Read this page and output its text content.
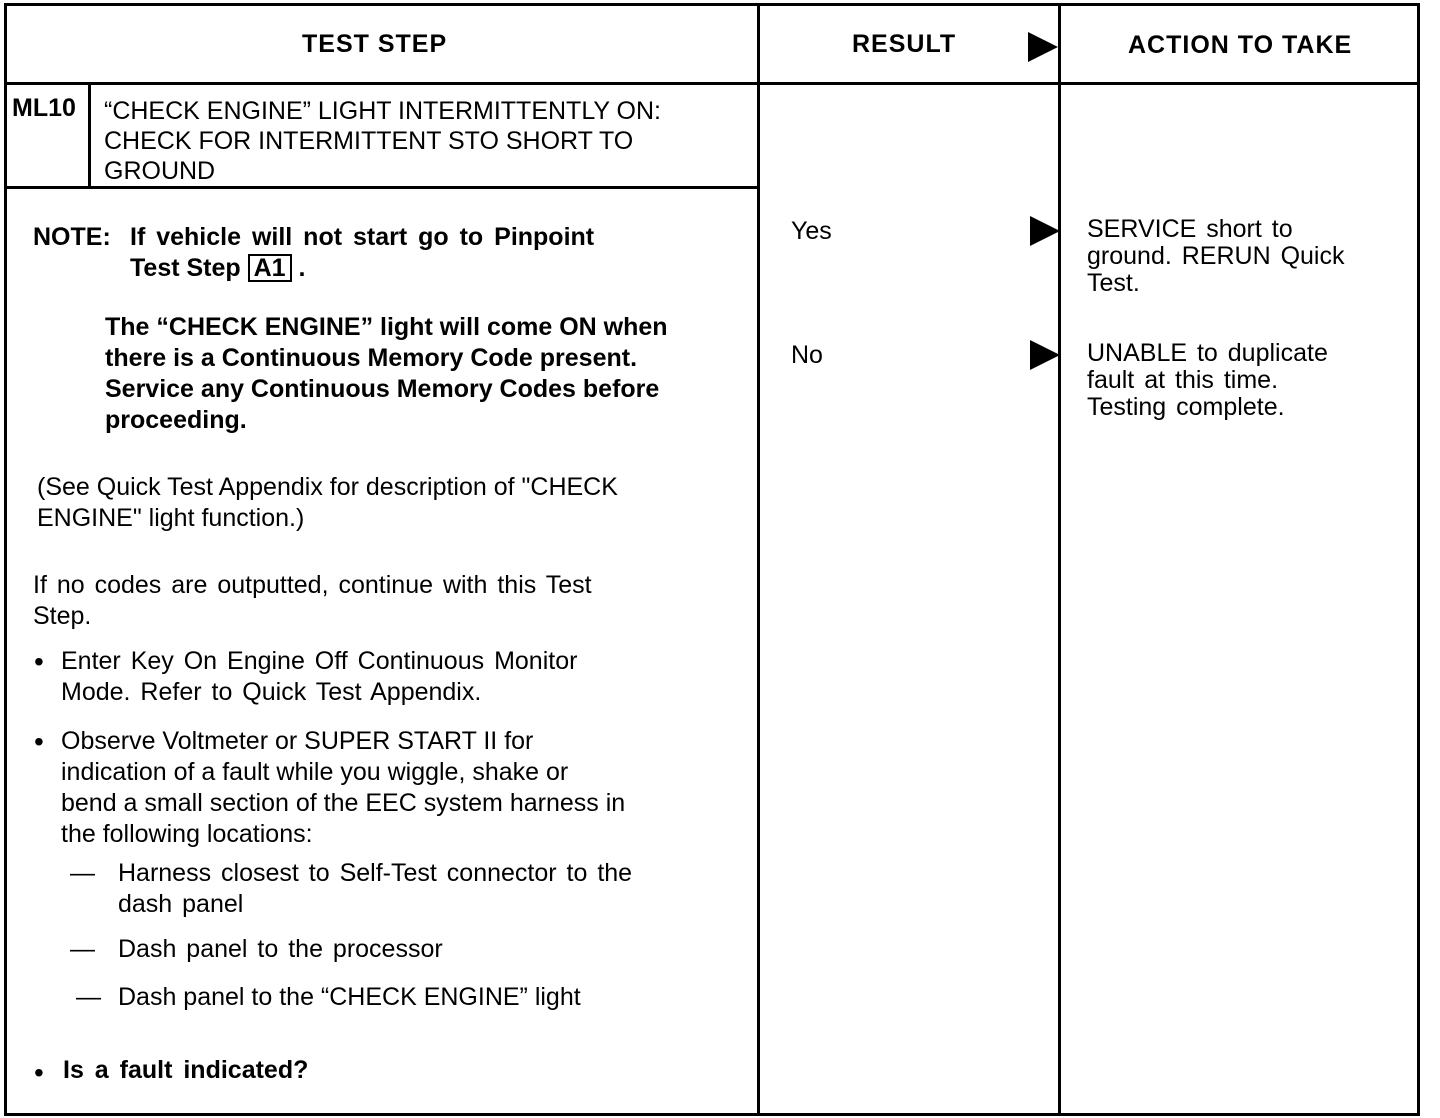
TEST STEP	RESULT	ACTION TO TAKE
ML10 “CHECK ENGINE” LIGHT INTERMITTENTLY ON:
CHECK FOR INTERMITTENT STO SHORT TO
GROUND
NOTE: If vehicle will not start go to Pinpoint
Test Step A1 .
The “CHECK ENGINE” light will come ON when
there is a Continuous Memory Code present.
Service any Continuous Memory Codes before
proceeding.
(See Quick Test Appendix for description of "CHECK
ENGINE" light function.)
If no codes are outputted, continue with this Test
Step.
• Enter Key On Engine Off Continuous Monitor
Mode. Refer to Quick Test Appendix.
• Observe Voltmeter or SUPER START II for
indication of a fault while you wiggle, shake or
bend a small section of the EEC system harness in
the following locations:
— Harness closest to Self-Test connector to the
dash panel
— Dash panel to the processor
— Dash panel to the “CHECK ENGINE” light
• Is a fault indicated?
Yes	SERVICE short to
ground. RERUN Quick
Test.
No	UNABLE to duplicate
fault at this time.
Testing complete.
